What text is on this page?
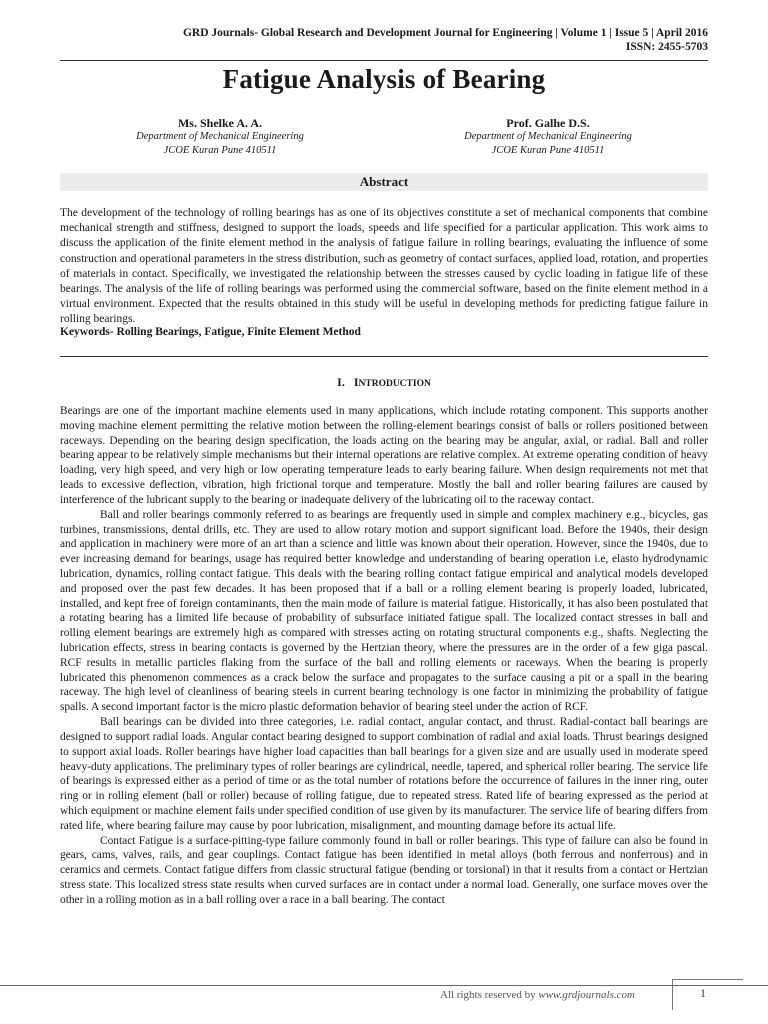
GRD Journals- Global Research and Development Journal for Engineering | Volume 1 | Issue 5 | April 2016
ISSN: 2455-5703
Fatigue Analysis of Bearing
Ms. Shelke A. A.
Department of Mechanical Engineering
JCOE Kuran Pune 410511
Prof. Galhe D.S.
Department of Mechanical Engineering
JCOE Kuran Pune 410511
Abstract
The development of the technology of rolling bearings has as one of its objectives constitute a set of mechanical components that combine mechanical strength and stiffness, designed to support the loads, speeds and life specified for a particular application. This work aims to discuss the application of the finite element method in the analysis of fatigue failure in rolling bearings, evaluating the influence of some construction and operational parameters in the stress distribution, such as geometry of contact surfaces, applied load, rotation, and properties of materials in contact. Specifically, we investigated the relationship between the stresses caused by cyclic loading in fatigue life of these bearings. The analysis of the life of rolling bearings was performed using the commercial software, based on the finite element method in a virtual environment. Expected that the results obtained in this study will be useful in developing methods for predicting fatigue failure in rolling bearings.
Keywords- Rolling Bearings, Fatigue, Finite Element Method
I. INTRODUCTION

Bearings are one of the important machine elements used in many applications, which include rotating component. This supports another moving machine element permitting the relative motion between the rolling-element bearings consist of balls or rollers positioned between raceways. Depending on the bearing design specification, the loads acting on the bearing may be angular, axial, or radial. Ball and roller bearing appear to be relatively simple mechanisms but their internal operations are relative complex. At extreme operating condition of heavy loading, very high speed, and very high or low operating temperature leads to early bearing failure. When design requirements not met that leads to excessive deflection, vibration, high frictional torque and temperature. Mostly the ball and roller bearing failures are caused by interference of the lubricant supply to the bearing or inadequate delivery of the lubricating oil to the raceway contact.

Ball and roller bearings commonly referred to as bearings are frequently used in simple and complex machinery e.g., bicycles, gas turbines, transmissions, dental drills, etc. They are used to allow rotary motion and support significant load. Before the 1940s, their design and application in machinery were more of an art than a science and little was known about their operation. However, since the 1940s, due to ever increasing demand for bearings, usage has required better knowledge and understanding of bearing operation i.e, elasto hydrodynamic lubrication, dynamics, rolling contact fatigue. This deals with the bearing rolling contact fatigue empirical and analytical models developed and proposed over the past few decades. It has been proposed that if a ball or a rolling element bearing is properly loaded, lubricated, installed, and kept free of foreign contaminants, then the main mode of failure is material fatigue. Historically, it has also been postulated that a rotating bearing has a limited life because of probability of subsurface initiated fatigue spall. The localized contact stresses in ball and rolling element bearings are extremely high as compared with stresses acting on rotating structural components e.g., shafts. Neglecting the lubrication effects, stress in bearing contacts is governed by the Hertzian theory, where the pressures are in the order of a few giga pascal. RCF results in metallic particles flaking from the surface of the ball and rolling elements or raceways. When the bearing is properly lubricated this phenomenon commences as a crack below the surface and propagates to the surface causing a pit or a spall in the bearing raceway. The high level of cleanliness of bearing steels in current bearing technology is one factor in minimizing the probability of fatigue spalls. A second important factor is the micro plastic deformation behavior of bearing steel under the action of RCF.

Ball bearings can be divided into three categories, i.e. radial contact, angular contact, and thrust. Radial-contact ball bearings are designed to support radial loads. Angular contact bearing designed to support combination of radial and axial loads. Thrust bearings designed to support axial loads. Roller bearings have higher load capacities than ball bearings for a given size and are usually used in moderate speed heavy-duty applications. The preliminary types of roller bearings are cylindrical, needle, tapered, and spherical roller bearing. The service life of bearings is expressed either as a period of time or as the total number of rotations before the occurrence of failures in the inner ring, outer ring or in rolling element (ball or roller) because of rolling fatigue, due to repeated stress. Rated life of bearing expressed as the period at which equipment or machine element fails under specified condition of use given by its manufacturer. The service life of bearing differs from rated life, where bearing failure may cause by poor lubrication, misalignment, and mounting damage before its actual life.

Contact Fatigue is a surface-pitting-type failure commonly found in ball or roller bearings. This type of failure can also be found in gears, cams, valves, rails, and gear couplings. Contact fatigue has been identified in metal alloys (both ferrous and nonferrous) and in ceramics and cermets. Contact fatigue differs from classic structural fatigue (bending or torsional) in that it results from a contact or Hertzian stress state. This localized stress state results when curved surfaces are in contact under a normal load. Generally, one surface moves over the other in a rolling motion as in a ball rolling over a race in a ball bearing. The contact

All rights reserved by www.grdjournals.com	1
